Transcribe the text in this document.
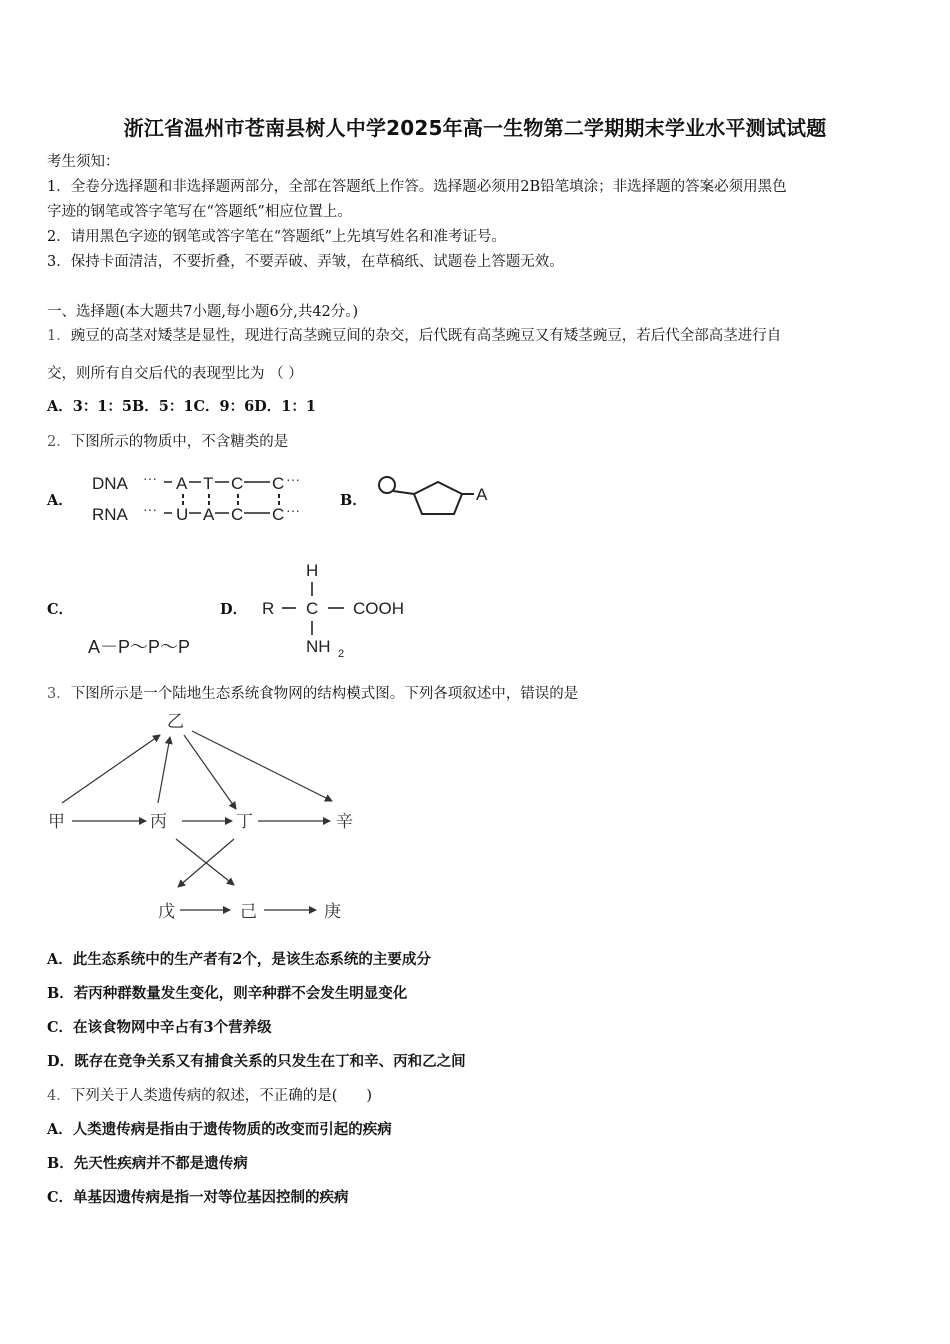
浙江省温州市苍南县树人中学2025年高一生物第二学期期末学业水平测试试题
考生须知：
1．全卷分选择题和非选择题两部分，全部在答题纸上作答。选择题必须用2B铅笔填涂；非选择题的答案必须用黑色
字迹的钢笔或答字笔写在“答题纸”相应位置上。
2．请用黑色字迹的钢笔或答字笔在“答题纸”上先填写姓名和准考证号。
3．保持卡面清洁，不要折叠，不要弄破、弄皱，在草稿纸、试题卷上答题无效。
一、选择题(本大题共7小题,每小题6分,共42分。)
1．豌豆的高茎对矮茎是显性，现进行高茎豌豆间的杂交，后代既有高茎豌豆又有矮茎豌豆，若后代全部高茎进行自
交，则所有自交后代的表现型比为 （ ）
A．3：1：5B．5：1C．9：6D．1：1
2．下图所示的物质中，不含糖类的是
A．
DNA
RNA
···
···
A T C C ···
U A C C ···
B．	A
C．
A－P～P～P
D．
H
R C COOH
NH 2
3．下图所示是一个陆地生态系统食物网的结构模式图。下列各项叙述中，错误的是
乙
甲	丙	丁	辛
戊	己	庚
A．此生态系统中的生产者有2个，是该生态系统的主要成分
B．若丙种群数量发生变化，则辛种群不会发生明显变化
C．在该食物网中辛占有3个营养级
D．既存在竞争关系又有捕食关系的只发生在丁和辛、丙和乙之间
4．下列关于人类遗传病的叙述，不正确的是(　　)
A．人类遗传病是指由于遗传物质的改变而引起的疾病
B．先天性疾病并不都是遗传病
C．单基因遗传病是指一对等位基因控制的疾病
